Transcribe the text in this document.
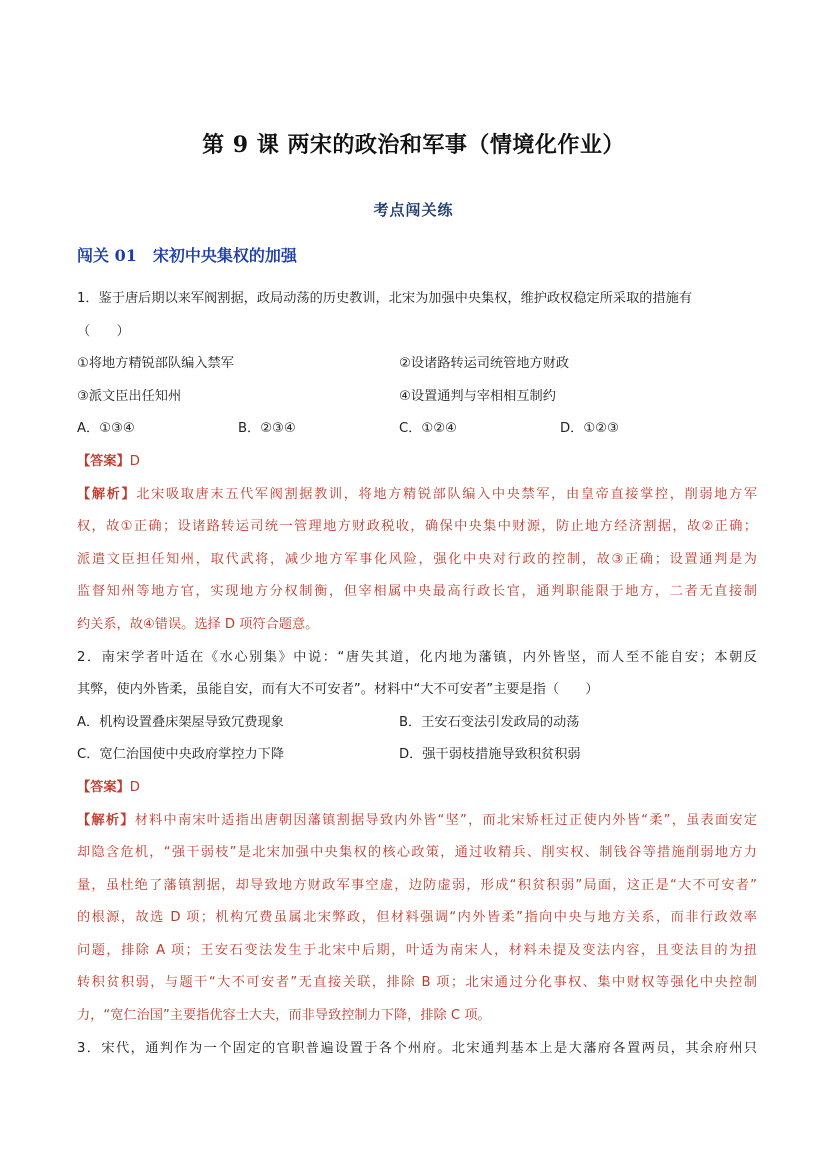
第 9 课 两宋的政治和军事（情境化作业）
考点闯关练
闯关 01 宋初中央集权的加强
1．鉴于唐后期以来军阀割据，政局动荡的历史教训，北宋为加强中央集权，维护政权稳定所采取的措施有
（　　）
①将地方精锐部队编入禁军	②设诸路转运司统管地方财政
③派文臣出任知州	④设置通判与宰相相互制约
A．①③④	B．②③④	C．①②④	D．①②③
【答案】D
【解析】北宋吸取唐末五代军阀割据教训，将地方精锐部队编入中央禁军，由皇帝直接掌控，削弱地方军
权，故①正确；设诸路转运司统一管理地方财政税收，确保中央集中财源，防止地方经济割据，故②正确；
派遣文臣担任知州，取代武将，减少地方军事化风险，强化中央对行政的控制，故③正确；设置通判是为
监督知州等地方官，实现地方分权制衡，但宰相属中央最高行政长官，通判职能限于地方，二者无直接制
约关系，故④错误。选择 D 项符合题意。
2．南宋学者叶适在《水心别集》中说：“唐失其道，化内地为藩镇，内外皆坚，而人至不能自安；本朝反
其弊，使内外皆柔，虽能自安，而有大不可安者”。材料中“大不可安者”主要是指（　　）
A．机构设置叠床架屋导致冗费现象	B．王安石变法引发政局的动荡
C．宽仁治国使中央政府掌控力下降	D．强干弱枝措施导致积贫积弱
【答案】D
【解析】材料中南宋叶适指出唐朝因藩镇割据导致内外皆“坚”，而北宋矫枉过正使内外皆“柔”，虽表面安定
却隐含危机，“强干弱枝”是北宋加强中央集权的核心政策，通过收精兵、削实权、制钱谷等措施削弱地方力
量，虽杜绝了藩镇割据，却导致地方财政军事空虚，边防虚弱，形成“积贫积弱”局面，这正是“大不可安者”
的根源，故选 D 项；机构冗费虽属北宋弊政，但材料强调“内外皆柔”指向中央与地方关系，而非行政效率
问题，排除 A 项；王安石变法发生于北宋中后期，叶适为南宋人，材料未提及变法内容，且变法目的为扭
转积贫积弱，与题干“大不可安者”无直接关联，排除 B 项；北宋通过分化事权、集中财权等强化中央控制
力，“宽仁治国”主要指优容士大夫，而非导致控制力下降，排除 C 项。
3．宋代，通判作为一个固定的官职普遍设置于各个州府。北宋通判基本上是大藩府各置两员，其余府州只
